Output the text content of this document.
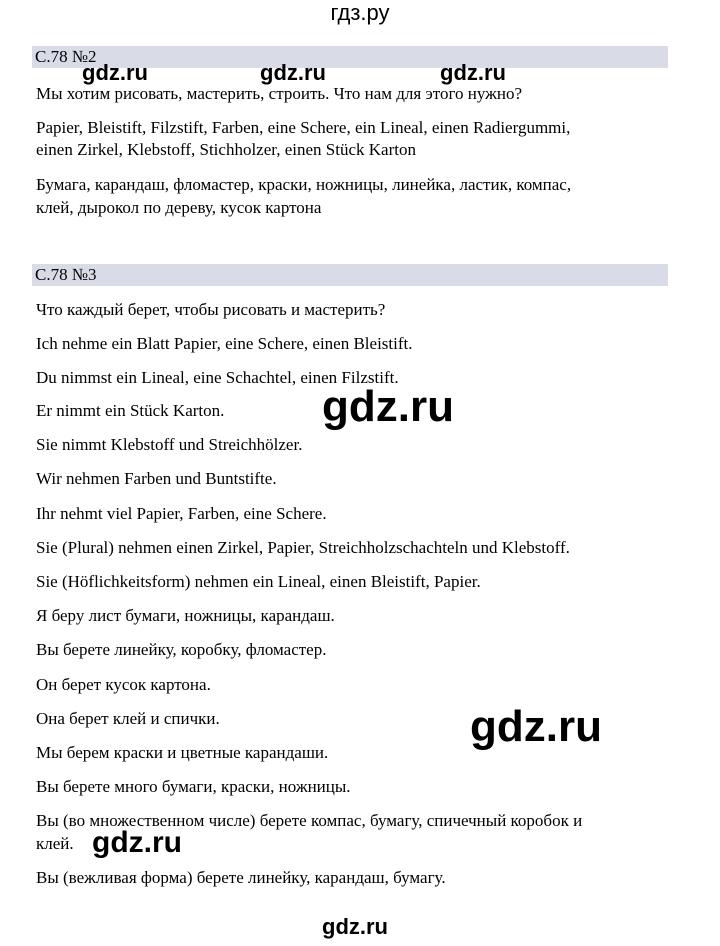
гдз.ру
С.78 №2
Мы хотим рисовать, мастерить, строить. Что нам для этого нужно?
Papier, Bleistift, Filzstift, Farben, eine Schere, ein Lineal, einen Radiergummi,
einen Zirkel, Klebstoff, Stichholzer, einen Stück Karton
Бумага, карандаш, фломастер, краски, ножницы, линейка, ластик, компас,
клей, дырокол по дереву, кусок картона
С.78 №3
Что каждый берет, чтобы рисовать и мастерить?
Ich nehme ein Blatt Papier, eine Schere, einen Bleistift.
Du nimmst ein Lineal, eine Schachtel, einen Filzstift.
Er nimmt ein Stück Karton.
Sie nimmt Klebstoff und Streichhölzer.
Wir nehmen Farben und Buntstifte.
Ihr nehmt viel Papier, Farben, eine Schere.
Sie (Plural) nehmen einen Zirkel, Papier, Streichholzschachteln und Klebstoff.
Sie (Höflichkeitsform) nehmen ein Lineal, einen Bleistift, Papier.
Я беру лист бумаги, ножницы, карандаш.
Вы берете линейку, коробку, фломастер.
Он берет кусок картона.
Она берет клей и спички.
Мы берем краски и цветные карандаши.
Вы берете много бумаги, краски, ножницы.
Вы (во множественном числе) берете компас, бумагу, спичечный коробок и
клей.
Вы (вежливая форма) берете линейку, карандаш, бумагу.
gdz.ru	gdz.ru	gdz.ru
gdz.ru
gdz.ru
gdz.ru
gdz.ru
